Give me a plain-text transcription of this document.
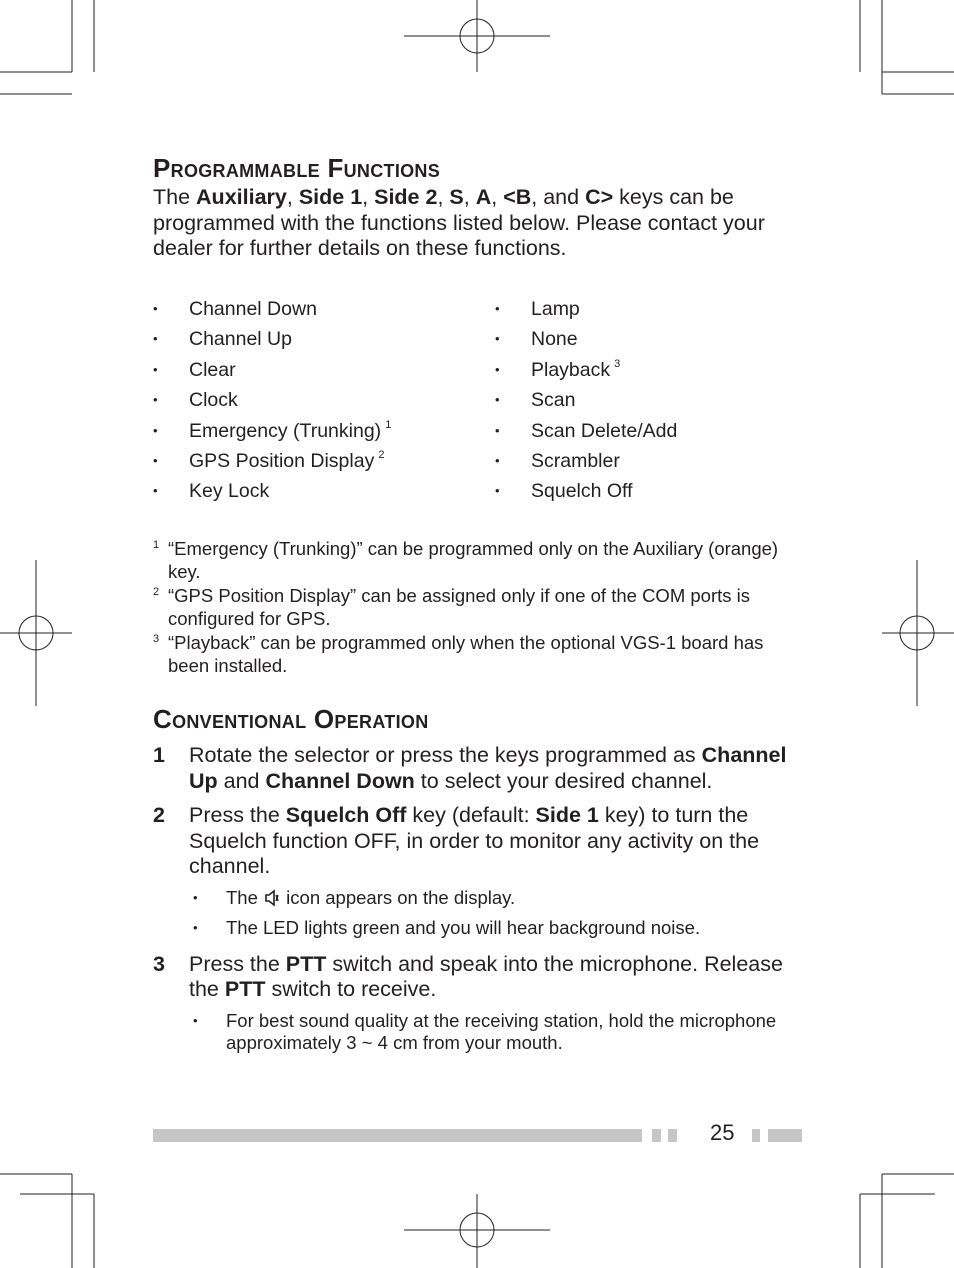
Programmable Functions

The Auxiliary, Side 1, Side 2, S, A, <B, and C> keys can be programmed with the functions listed below. Please contact your dealer for further details on these functions.

• Channel Down
• Channel Up
• Clear
• Clock
• Emergency (Trunking) $^1$
• GPS Position Display $^2$
• Key Lock
• Lamp
• None
• Playback $^3$
• Scan
• Scan Delete/Add
• Scrambler
• Squelch Off
1 “Emergency (Trunking)” can be programmed only on the Auxiliary (orange) key.
2 “GPS Position Display” can be assigned only if one of the COM ports is configured for GPS.
3 “Playback” can be programmed only when the optional VGS-1 board has been installed.
Conventional Operation
1 Rotate the selector or press the keys programmed as Channel Up and Channel Down to select your desired channel.
2 Press the Squelch Off key (default: Side 1 key) to turn the Squelch function OFF, in order to monitor any activity on the channel.
• The  icon appears on the display.
• The LED lights green and you will hear background noise.
3 Press the PTT switch and speak into the microphone. Release the PTT switch to receive.
• For best sound quality at the receiving station, hold the microphone approximately 3 ~ 4 cm from your mouth.
25
